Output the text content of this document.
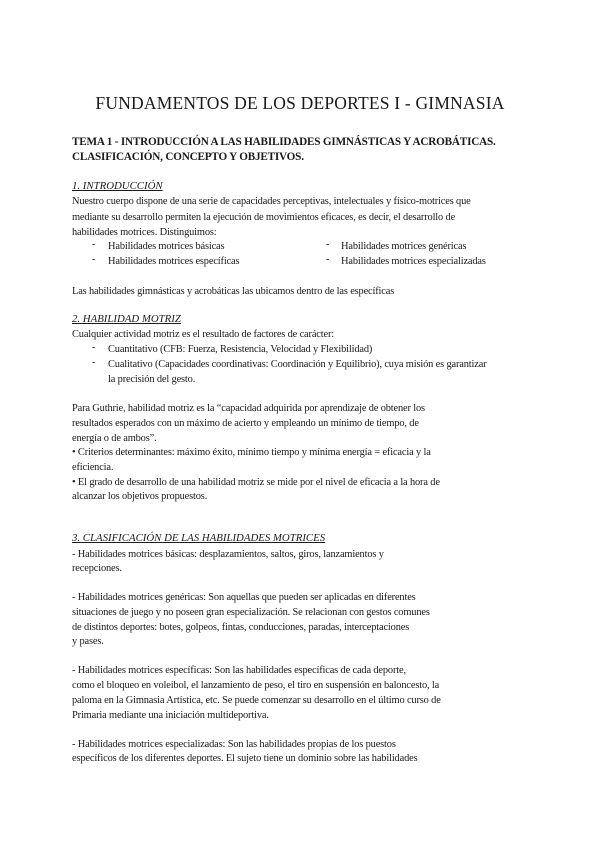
FUNDAMENTOS DE LOS DEPORTES I - GIMNASIA
TEMA 1 - INTRODUCCIÓN A LAS HABILIDADES GIMNÁSTICAS Y ACROBÁTICAS.
CLASIFICACIÓN, CONCEPTO Y OBJETIVOS.
1. INTRODUCCIÓN
Nuestro cuerpo dispone de una serie de capacidades perceptivas, intelectuales y físico-motrices que
mediante su desarrollo permiten la ejecución de movimientos eficaces, es decir, el desarrollo de
habilidades motrices. Distinguimos:
- Habilidades motrices básicas	- Habilidades motrices genéricas
- Habilidades motrices específicas	- Habilidades motrices especializadas
Las habilidades gimnásticas y acrobáticas las ubicamos dentro de las específicas
2. HABILIDAD MOTRIZ
Cualquier actividad motriz es el resultado de factores de carácter:
- Cuantitativo (CFB: Fuerza, Resistencia, Velocidad y Flexibilidad)
- Cualitativo (Capacidades coordinativas: Coordinación y Equilibrio), cuya misión es garantizar
la precisión del gesto.
Para Guthrie, habilidad motriz es la “capacidad adquirida por aprendizaje de obtener los
resultados esperados con un máximo de acierto y empleando un mínimo de tiempo, de
energía o de ambos”.
• Criterios determinantes: máximo éxito, mínimo tiempo y mínima energía = eficacia y la
eficiencia.
• El grado de desarrollo de una habilidad motriz se mide por el nivel de eficacia a la hora de
alcanzar los objetivos propuestos.
3. CLASIFICACIÓN DE LAS HABILIDADES MOTRICES
- Habilidades motrices básicas: desplazamientos, saltos, giros, lanzamientos y
recepciones.
- Habilidades motrices genéricas: Son aquellas que pueden ser aplicadas en diferentes
situaciones de juego y no poseen gran especialización. Se relacionan con gestos comunes
de distintos deportes: botes, golpeos, fintas, conducciones, paradas, interceptaciones
y pases.
- Habilidades motrices específicas: Son las habilidades específicas de cada deporte,
como el bloqueo en voleibol, el lanzamiento de peso, el tiro en suspensión en baloncesto, la
paloma en la Gimnasia Artística, etc. Se puede comenzar su desarrollo en el último curso de
Primaria mediante una iniciación multideportiva.
- Habilidades motrices especializadas: Son las habilidades propias de los puestos
específicos de los diferentes deportes. El sujeto tiene un dominio sobre las habilidades
